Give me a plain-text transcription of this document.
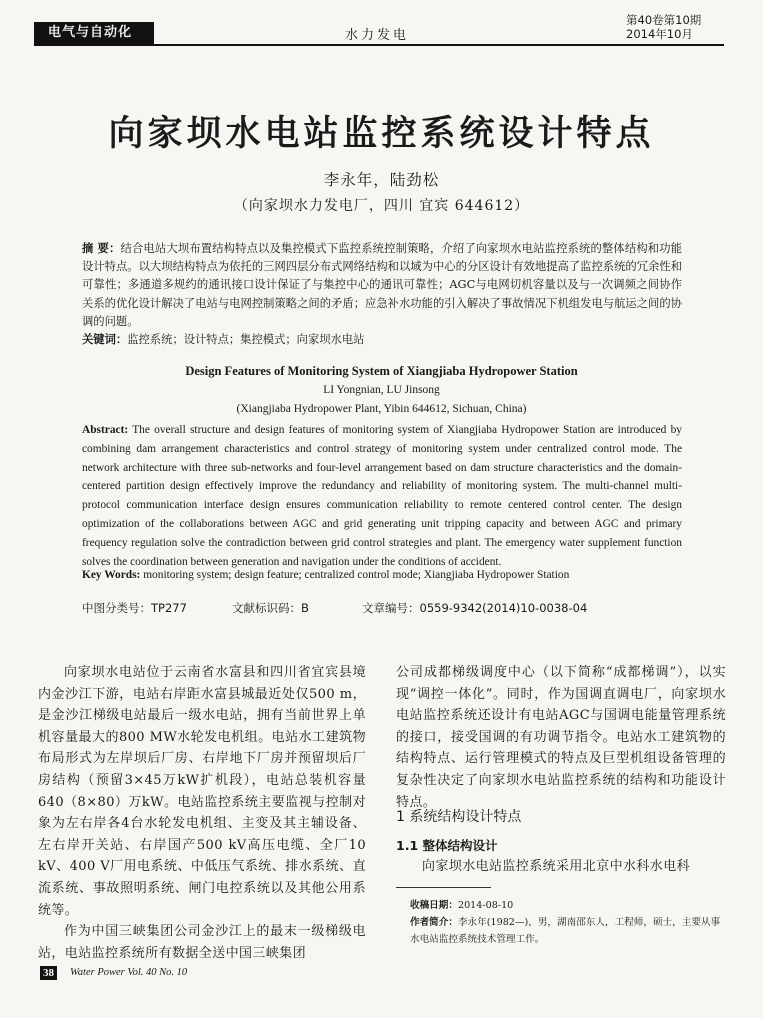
电气与自动化	水力发电
第40卷第10期
2014年10月
向家坝水电站监控系统设计特点
李永年，陆劲松
（向家坝水力发电厂，四川 宜宾 644612）
摘 要：结合电站大坝布置结构特点以及集控模式下监控系统控制策略，介绍了向家坝水电站监控系统的整体结构和功能设计特点。以大坝结构特点为依托的三网四层分布式网络结构和以域为中心的分区设计有效地提高了监控系统的冗余性和可靠性；多通道多规约的通讯接口设计保证了与集控中心的通讯可靠性；AGC与电网切机容量以及与一次调频之间协作关系的优化设计解决了电站与电网控制策略之间的矛盾；应急补水功能的引入解决了事故情况下机组发电与航运之间的协调的问题。
关键词：监控系统；设计特点；集控模式；向家坝水电站
Design Features of Monitoring System of Xiangjiaba Hydropower Station
LI Yongnian, LU Jinsong
(Xiangjiaba Hydropower Plant, Yibin 644612, Sichuan, China)
Abstract: The overall structure and design features of monitoring system of Xiangjiaba Hydropower Station are introduced by combining dam arrangement characteristics and control strategy of monitoring system under centralized control mode. The network architecture with three sub-networks and four-level arrangement based on dam structure characteristics and the domain-centered partition design effectively improve the redundancy and reliability of monitoring system. The multi-channel multi-protocol communication interface design ensures communication reliability to remote centered control center. The design optimization of the collaborations between AGC and grid generating unit tripping capacity and between AGC and primary frequency regulation solve the contradiction between grid control strategies and plant. The emergency water supplement function solves the coordination between generation and navigation under the conditions of accident.
Key Words: monitoring system; design feature; centralized control mode; Xiangjiaba Hydropower Station
中图分类号：TP277	文献标识码：B	文章编号：0559-9342(2014)10-0038-04

向家坝水电站位于云南省水富县和四川省宜宾县境内金沙江下游，电站右岸距水富县城最近处仅500 m，是金沙江梯级电站最后一级水电站，拥有当前世界上单机容量最大的800 MW水轮发电机组。电站水工建筑物布局形式为左岸坝后厂房、右岸地下厂房并预留坝后厂房结构（预留3×45万kW扩机段），电站总装机容量640（8×80）万kW。电站监控系统主要监视与控制对象为左右岸各4台水轮发电机组、主变及其主辅设备、左右岸开关站、右岸国产500 kV高压电缆、全厂10 kV、400 V厂用电系统、中低压气系统、排水系统、直流系统、事故照明系统、闸门电控系统以及其他公用系统等。

作为中国三峡集团公司金沙江上的最末一级梯级电站，电站监控系统所有数据全送中国三峡集团

公司成都梯级调度中心（以下简称“成都梯调”），以实现“调控一体化”。同时，作为国调直调电厂，向家坝水电站监控系统还设计有电站AGC与国调电能量管理系统的接口，接受国调的有功调节指令。电站水工建筑物的结构特点、运行管理模式的特点及巨型机组设备管理的复杂性决定了向家坝水电站监控系统的结构和功能设计特点。

1 系统结构设计特点
1.1 整体结构设计

向家坝水电站监控系统采用北京中水科水电科

收稿日期：2014-08-10
作者简介：李永年(1982—)，男，湖南邵东人，工程师，硕士，主要从事水电站监控系统技术管理工作。
38 Water Power Vol. 40 No. 10
